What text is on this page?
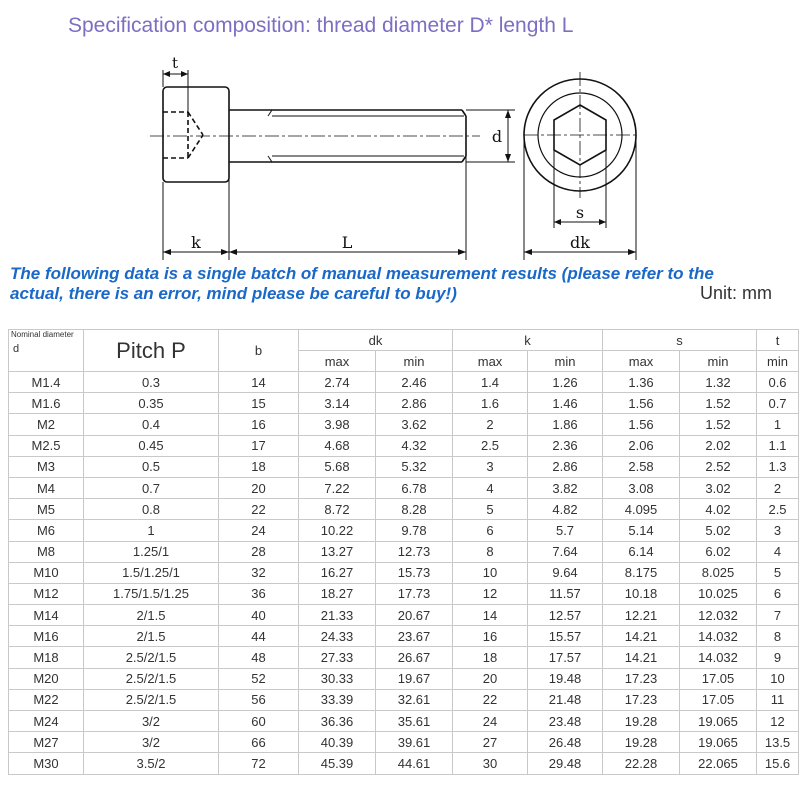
Specification composition: thread diameter D* length L
t
k	L
d
s
dk
The following data is a single batch of manual measurement results (please refer to the actual, there is an error, mind please be careful to buy!)	Unit: mm
Nominal diameter
d	Pitch P	b	dk		k		s		t
			max	min	max	min	max	min	min
M1.4	0.3	14	2.74	2.46	1.4	1.26	1.36	1.32	0.6
M1.6	0.35	15	3.14	2.86	1.6	1.46	1.56	1.52	0.7
M2	0.4	16	3.98	3.62	2	1.86	1.56	1.52	1
M2.5	0.45	17	4.68	4.32	2.5	2.36	2.06	2.02	1.1
M3	0.5	18	5.68	5.32	3	2.86	2.58	2.52	1.3
M4	0.7	20	7.22	6.78	4	3.82	3.08	3.02	2
M5	0.8	22	8.72	8.28	5	4.82	4.095	4.02	2.5
M6	1	24	10.22	9.78	6	5.7	5.14	5.02	3
M8	1.25/1	28	13.27	12.73	8	7.64	6.14	6.02	4
M10	1.5/1.25/1	32	16.27	15.73	10	9.64	8.175	8.025	5
M12	1.75/1.5/1.25	36	18.27	17.73	12	11.57	10.18	10.025	6
M14	2/1.5	40	21.33	20.67	14	12.57	12.21	12.032	7
M16	2/1.5	44	24.33	23.67	16	15.57	14.21	14.032	8
M18	2.5/2/1.5	48	27.33	26.67	18	17.57	14.21	14.032	9
M20	2.5/2/1.5	52	30.33	19.67	20	19.48	17.23	17.05	10
M22	2.5/2/1.5	56	33.39	32.61	22	21.48	17.23	17.05	11
M24	3/2	60	36.36	35.61	24	23.48	19.28	19.065	12
M27	3/2	66	40.39	39.61	27	26.48	19.28	19.065	13.5
M30	3.5/2	72	45.39	44.61	30	29.48	22.28	22.065	15.6
